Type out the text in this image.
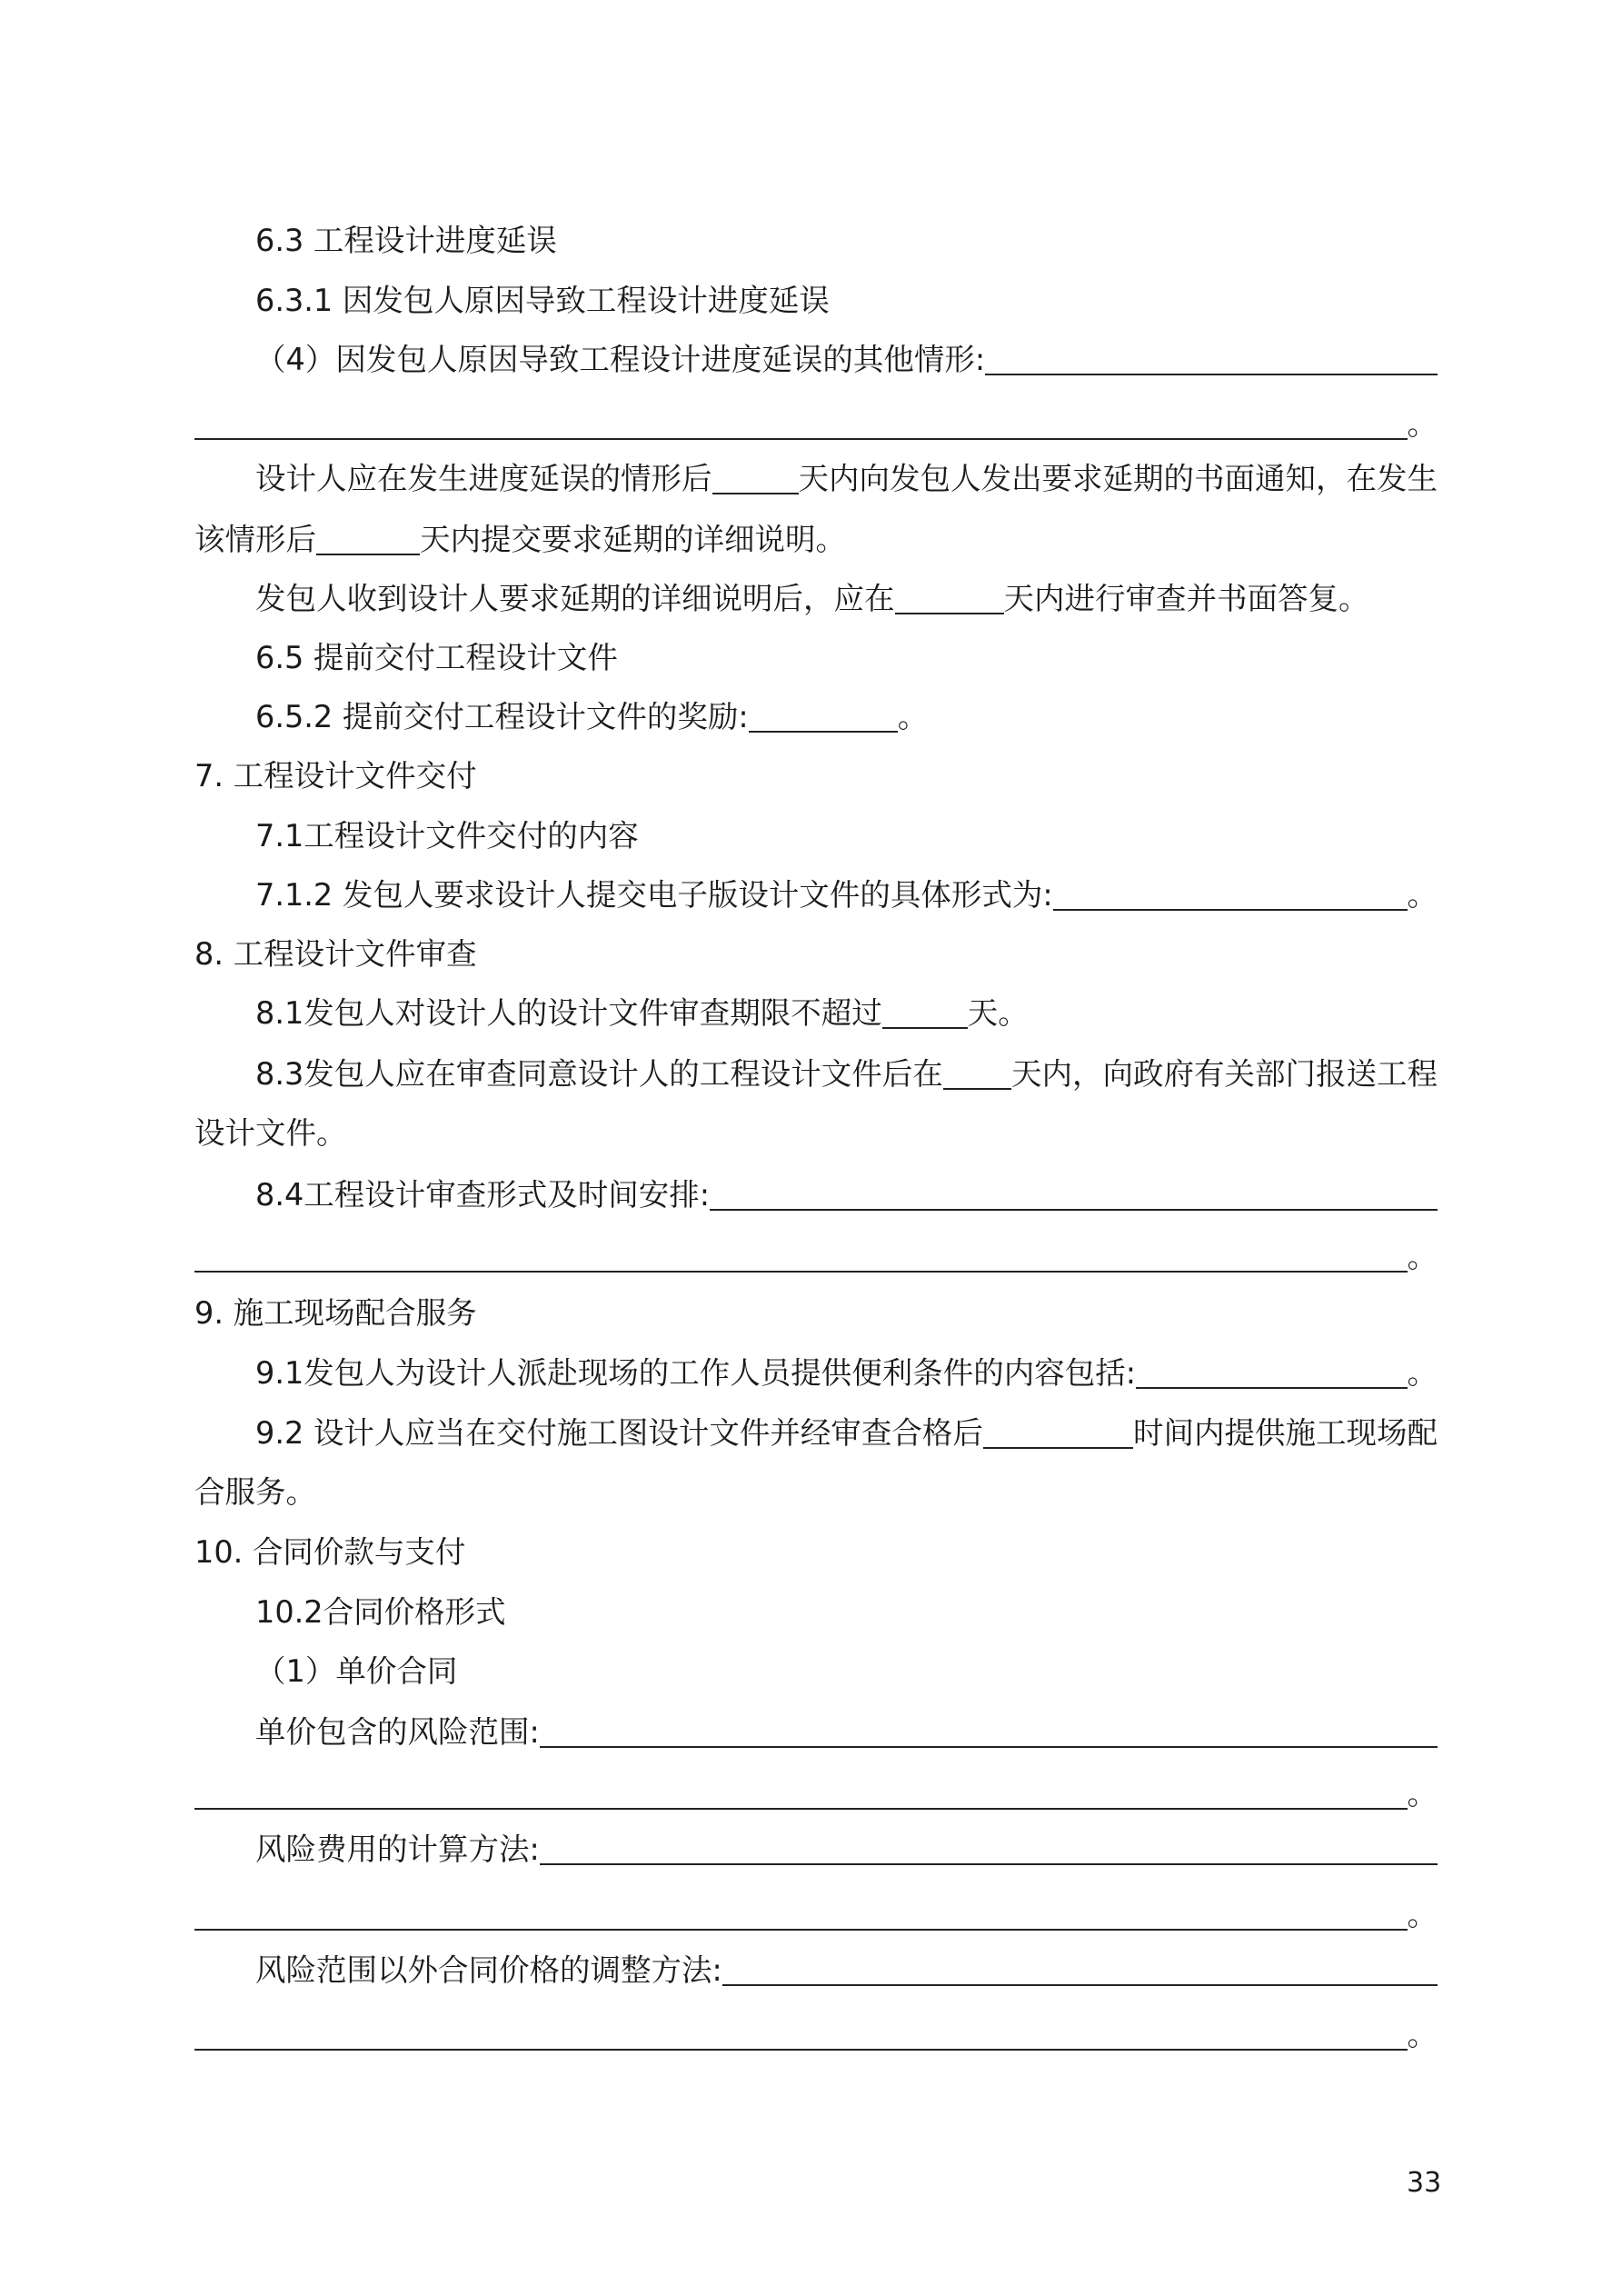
6.3 工程设计进度延误
6.3.1 因发包人原因导致工程设计进度延误
（4）因发包人原因导致工程设计进度延误的其他情形:
。
设计人应在发生进度延误的情形后	天内向发包人发出要求延期的书面通知，在发生
该情形后	天内提交要求延期的详细说明。
发包人收到设计人要求延期的详细说明后，应在	天内进行审查并书面答复。
6.5 提前交付工程设计文件
6.5.2 提前交付工程设计文件的奖励:	。
7. 工程设计文件交付
7.1工程设计文件交付的内容
7.1.2 发包人要求设计人提交电子版设计文件的具体形式为:	。
8. 工程设计文件审查
8.1发包人对设计人的设计文件审查期限不超过	天。
8.3发包人应在审查同意设计人的工程设计文件后在 天内，向政府有关部门报送工程
设计文件。
8.4工程设计审查形式及时间安排:
。
9. 施工现场配合服务
9.1发包人为设计人派赴现场的工作人员提供便利条件的内容包括:	。
9.2 设计人应当在交付施工图设计文件并经审查合格后	时间内提供施工现场配
合服务。
10. 合同价款与支付
10.2合同价格形式
（1）单价合同
单价包含的风险范围:
。
风险费用的计算方法:
。
风险范围以外合同价格的调整方法:
。
33
